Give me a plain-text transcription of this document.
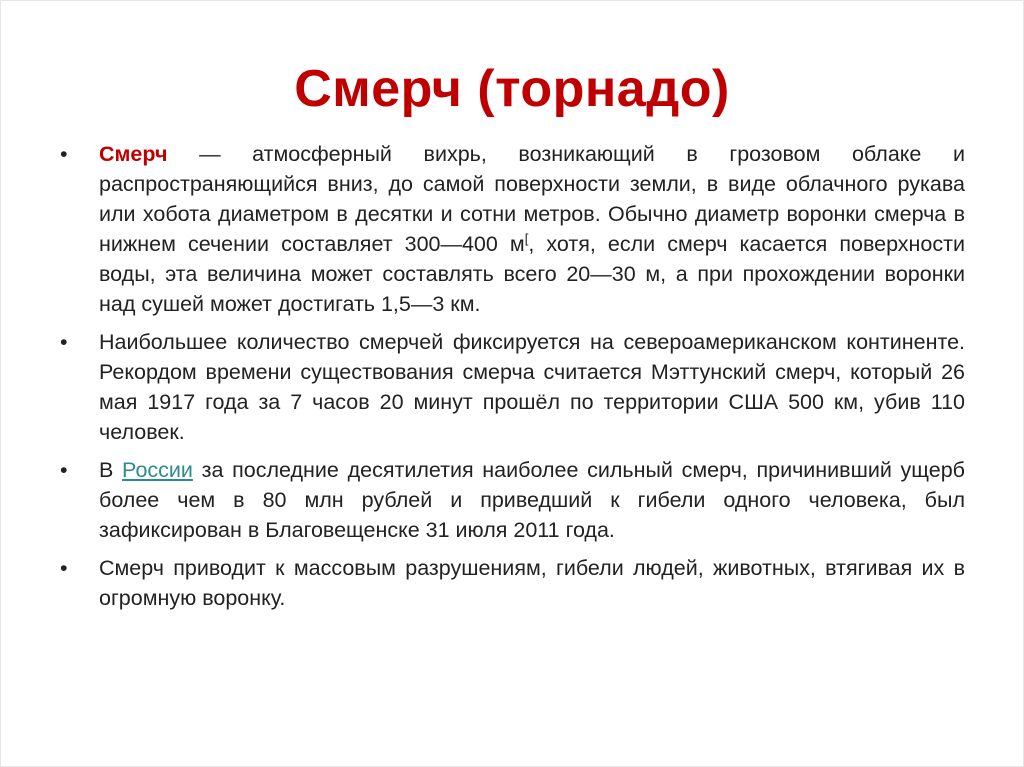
Смерч (торнадо)
•	Смерч — атмосферный вихрь, возникающий в грозовом облаке и распространяющийся вниз, до самой поверхности земли, в виде облачного рукава или хобота диаметром в десятки и сотни метров. Обычно диаметр воронки смерча в нижнем сечении составляет 300—400 м[, хотя, если смерч касается поверхности воды, эта величина может составлять всего 20—30 м, а при прохождении воронки над сушей может достигать 1,5—3 км.
•	Наибольшее количество смерчей фиксируется на североамериканском континенте. Рекордом времени существования смерча считается Мэттунский смерч, который 26 мая 1917 года за 7 часов 20 минут прошёл по территории США 500 км, убив 110 человек.
•	В России за последние десятилетия наиболее сильный смерч, причинивший ущерб более чем в 80 млн рублей и приведший к гибели одного человека, был зафиксирован в Благовещенске 31 июля 2011 года.
•	Смерч приводит к массовым разрушениям, гибели людей, животных, втягивая их в огромную воронку.
